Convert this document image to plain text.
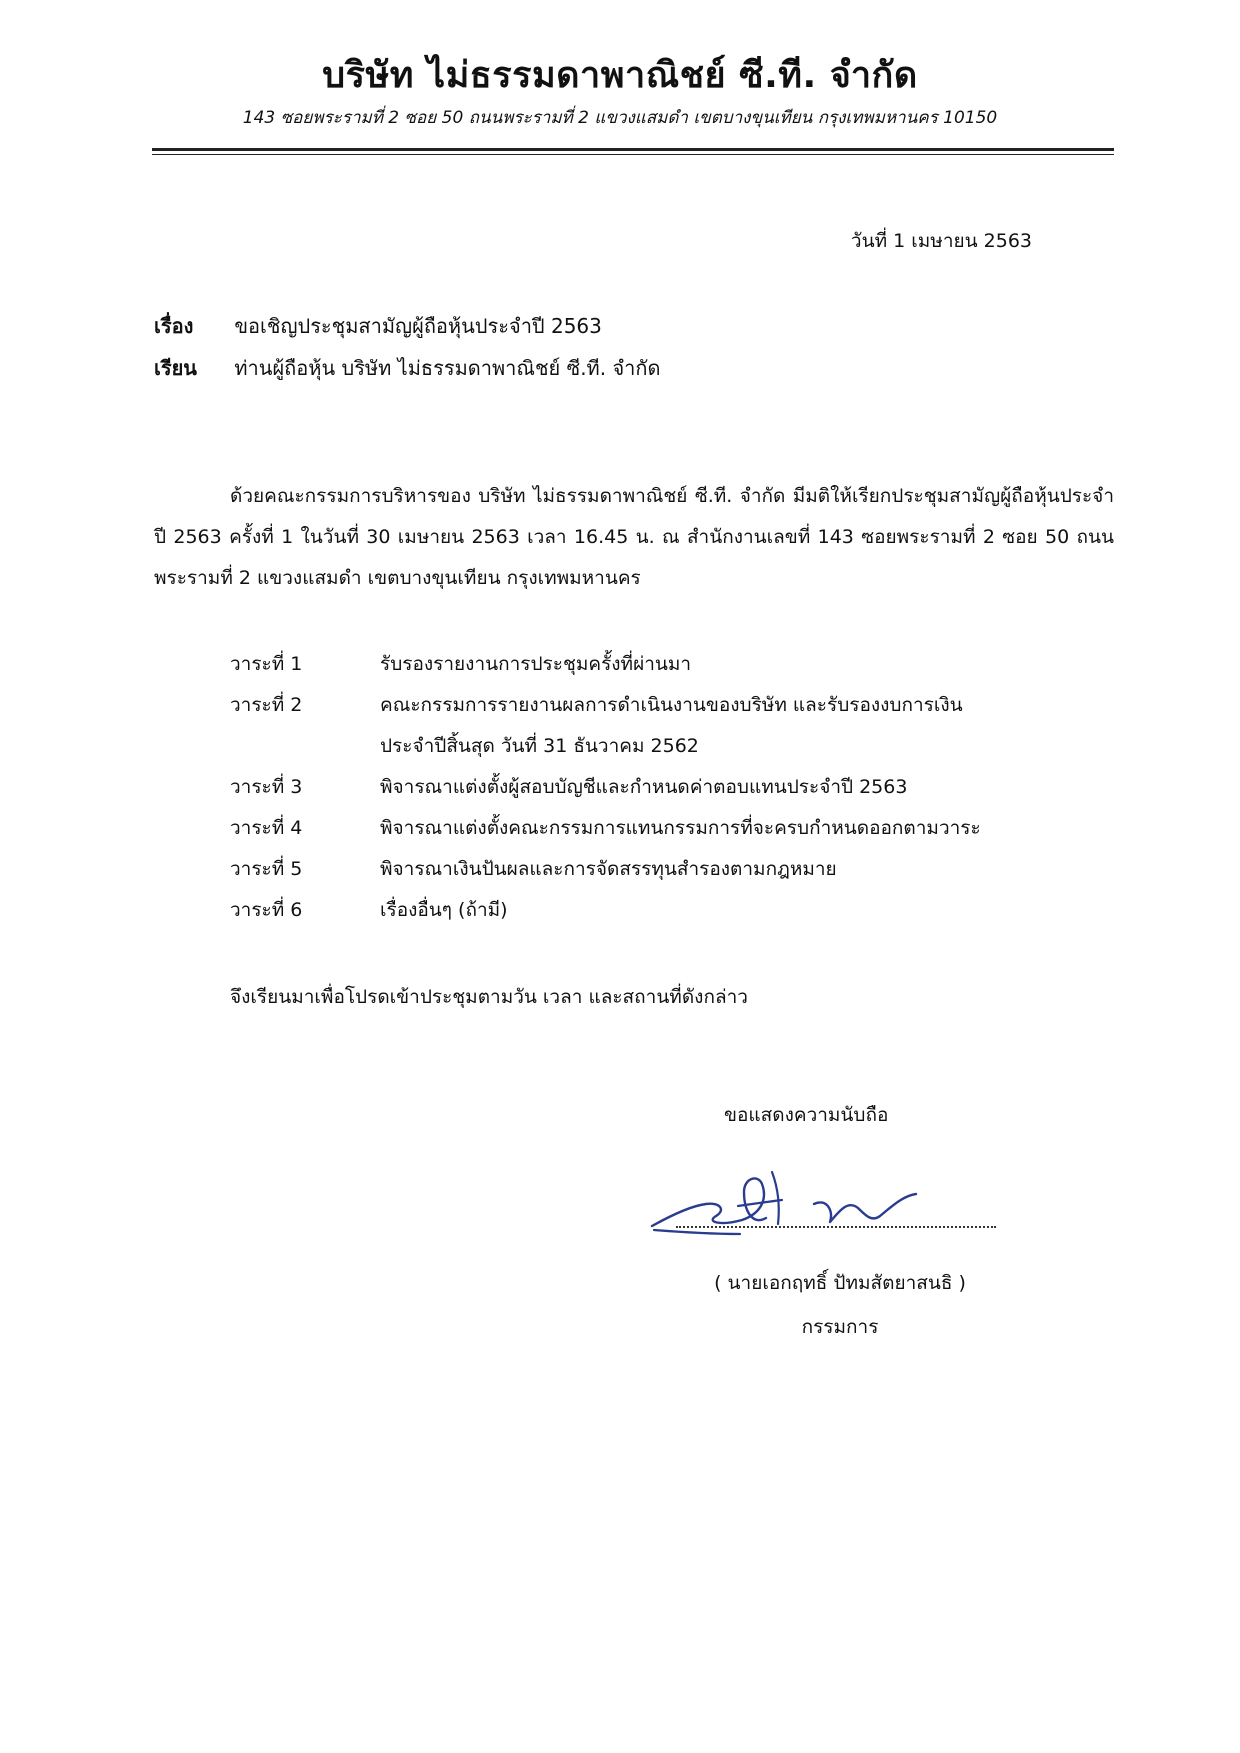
บริษัท ไม่ธรรมดาพาณิชย์ ซี.ที. จำกัด
143 ซอยพระรามที่ 2 ซอย 50 ถนนพระรามที่ 2 แขวงแสมดำ เขตบางขุนเทียน กรุงเทพมหานคร 10150
วันที่ 1 เมษายน 2563
เรื่อง ขอเชิญประชุมสามัญผู้ถือหุ้นประจำปี 2563
เรียน ท่านผู้ถือหุ้น บริษัท ไม่ธรรมดาพาณิชย์ ซี.ที. จำกัด

ด้วยคณะกรรมการบริหารของ บริษัท ไม่ธรรมดาพาณิชย์ ซี.ที. จำกัด มีมติให้เรียกประชุมสามัญผู้ถือหุ้นประจำปี 2563 ครั้งที่ 1 ในวันที่ 30 เมษายน 2563 เวลา 16.45 น. ณ สำนักงานเลขที่ 143 ซอยพระรามที่ 2 ซอย 50 ถนนพระรามที่ 2 แขวงแสมดำ เขตบางขุนเทียน กรุงเทพมหานคร

วาระที่ 1	รับรองรายงานการประชุมครั้งที่ผ่านมา
วาระที่ 2	คณะกรรมการรายงานผลการดำเนินงานของบริษัท และรับรองงบการเงิน
ประจำปีสิ้นสุด วันที่ 31 ธันวาคม 2562
วาระที่ 3	พิจารณาแต่งตั้งผู้สอบบัญชีและกำหนดค่าตอบแทนประจำปี 2563
วาระที่ 4	พิจารณาแต่งตั้งคณะกรรมการแทนกรรมการที่จะครบกำหนดออกตามวาระ
วาระที่ 5	พิจารณาเงินปันผลและการจัดสรรทุนสำรองตามกฎหมาย
วาระที่ 6	เรื่องอื่นๆ (ถ้ามี)
จึงเรียนมาเพื่อโปรดเข้าประชุมตามวัน เวลา และสถานที่ดังกล่าว
ขอแสดงความนับถือ
( นายเอกฤทธิ์ ปัทมสัตยาสนธิ )
กรรมการ
